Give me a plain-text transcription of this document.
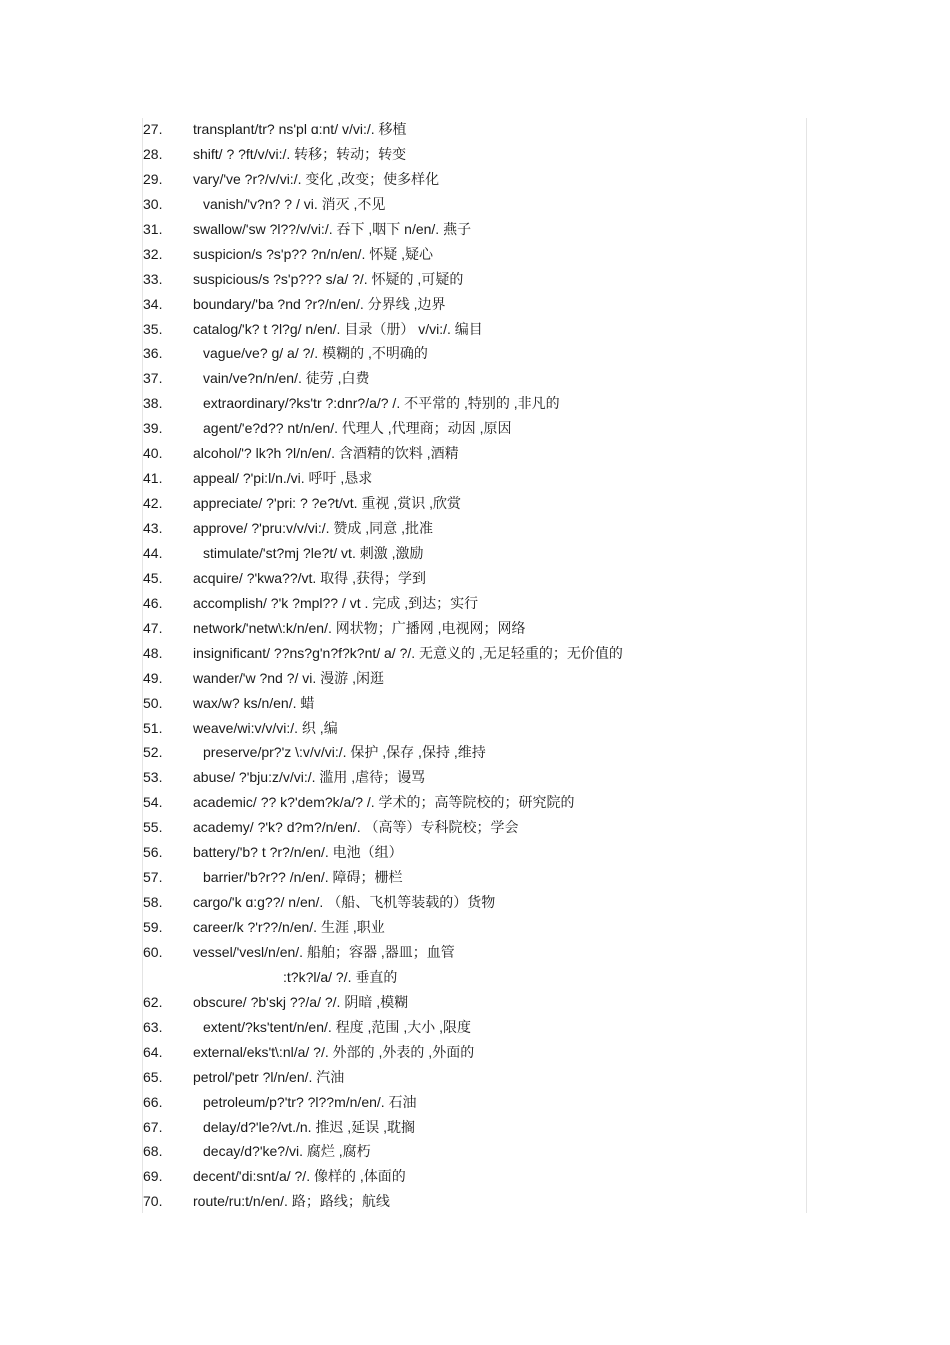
27.	transplant/tr? ns'pl ɑ:nt/ v/vi:/. 移植
28.	shift/ ? ?ft/v/vi:/. 转移；转动；转变
29.	vary/'ve ?r?/v/vi:/. 变化 ,改变；使多样化
30.	vanish/'v?n? ? / vi. 消灭 ,不见
31.	swallow/'sw ?l??/v/vi:/. 吞下 ,咽下 n/en/. 燕子
32.	suspicion/s ?s'p?? ?n/n/en/. 怀疑 ,疑心
33.	suspicious/s ?s'p??? s/a/ ?/. 怀疑的 ,可疑的
34.	boundary/'ba ?nd ?r?/n/en/. 分界线 ,边界
35.	catalog/'k? t ?l?g/ n/en/. 目录（册） v/vi:/. 编目
36.	vague/ve? g/ a/ ?/. 模糊的 ,不明确的
37.	vain/ve?n/n/en/. 徒劳 ,白费
38.	extraordinary/?ks'tr ?:dnr?/a/? /. 不平常的 ,特别的 ,非凡的
39.	agent/'e?d?? nt/n/en/. 代理人 ,代理商；动因 ,原因
40.	alcohol/'? lk?h ?l/n/en/. 含酒精的饮料 ,酒精
41.	appeal/ ?'pi:l/n./vi. 呼吁 ,恳求
42.	appreciate/ ?'pri: ? ?e?t/vt. 重视 ,赏识 ,欣赏
43.	approve/ ?'pru:v/v/vi:/. 赞成 ,同意 ,批准
44.	stimulate/'st?mj ?le?t/ vt. 刺激 ,激励
45.	acquire/ ?'kwa??/vt. 取得 ,获得；学到
46.	accomplish/ ?'k ?mpl?? / vt . 完成 ,到达；实行
47.	network/'netw\:k/n/en/. 网状物；广播网 ,电视网；网络
48.	insignificant/ ??ns?g'n?f?k?nt/ a/ ?/. 无意义的 ,无足轻重的；无价值的
49.	wander/'w ?nd ?/ vi. 漫游 ,闲逛
50.	wax/w? ks/n/en/. 蜡
51.	weave/wi:v/v/vi:/. 织 ,编
52.	preserve/pr?'z \:v/v/vi:/. 保护 ,保存 ,保持 ,维持
53.	abuse/ ?'bju:z/v/vi:/. 滥用 ,虐待；谩骂
54.	academic/ ?? k?'dem?k/a/? /. 学术的；高等院校的；研究院的
55.	academy/ ?'k? d?m?/n/en/. （高等）专科院校；学会
56.	battery/'b? t ?r?/n/en/. 电池（组）
57.	barrier/'b?r?? /n/en/. 障碍；栅栏
58.	cargo/'k ɑ:g??/ n/en/. （船、飞机等装载的）货物
59.	career/k ?'r??/n/en/. 生涯 ,职业
60.	vessel/'vesl/n/en/. 船舶；容器 ,器皿；血管
:t?k?l/a/ ?/. 垂直的
62.	obscure/ ?b'skj ??/a/ ?/. 阴暗 ,模糊
63.	extent/?ks'tent/n/en/. 程度 ,范围 ,大小 ,限度
64.	external/eks't\:nl/a/ ?/. 外部的 ,外表的 ,外面的
65.	petrol/'petr ?l/n/en/. 汽油
66.	petroleum/p?'tr? ?l??m/n/en/. 石油
67.	delay/d?'le?/vt./n. 推迟 ,延误 ,耽搁
68.	decay/d?'ke?/vi. 腐烂 ,腐朽
69.	decent/'di:snt/a/ ?/. 像样的 ,体面的
70.	route/ru:t/n/en/. 路；路线；航线
